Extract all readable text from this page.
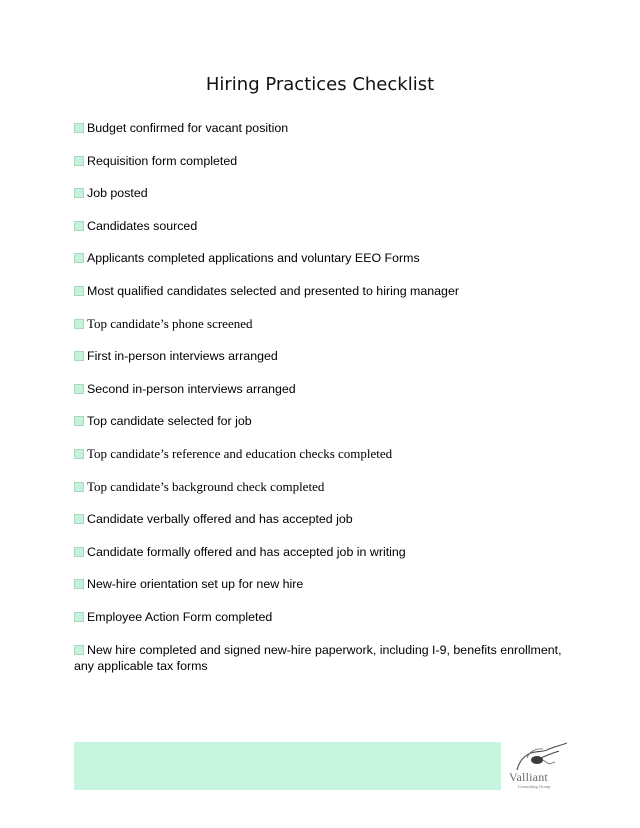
Hiring Practices Checklist
Budget confirmed for vacant position
Requisition form completed
Job posted
Candidates sourced
Applicants completed applications and voluntary EEO Forms
Most qualified candidates selected and presented to hiring manager
Top candidate’s phone screened
First in-person interviews arranged
Second in-person interviews arranged
Top candidate selected for job
Top candidate’s reference and education checks completed
Top candidate’s background check completed
Candidate verbally offered and has accepted job
Candidate formally offered and has accepted job in writing
New-hire orientation set up for new hire
Employee Action Form completed
New hire completed and signed new-hire paperwork, including I-9, benefits enrollment, any applicable tax forms
Valliant
Consulting Group
